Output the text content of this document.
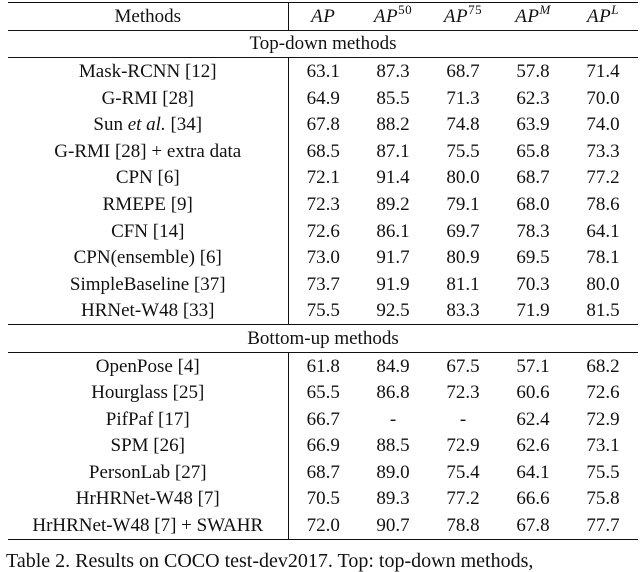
Methods	AP	AP$^{50}$	AP$^{75}$	$AP^M$	$AP^L$
Top-down methods					
Mask-RCNN [12]	63.1	87.3	68.7	57.8	71.4
G-RMI [28]	64.9	85.5	71.3	62.3	70.0
Sun et al. [34]	67.8	88.2	74.8	63.9	74.0
G-RMI [28] + extra data	68.5	87.1	75.5	65.8	73.3
CPN [6]	72.1	91.4	80.0	68.7	77.2
RMEPE [9]	72.3	89.2	79.1	68.0	78.6
CFN [14]	72.6	86.1	69.7	78.3	64.1
CPN(ensemble) [6]	73.0	91.7	80.9	69.5	78.1
SimpleBaseline [37]	73.7	91.9	81.1	70.3	80.0
HRNet-W48 [33]	75.5	92.5	83.3	71.9	81.5
Bottom-up methods					
OpenPose [4]	61.8	84.9	67.5	57.1	68.2
Hourglass [25]	65.5	86.8	72.3	60.6	72.6
PifPaf [17]	66.7	-	-	62.4	72.9
SPM [26]	66.9	88.5	72.9	62.6	73.1
PersonLab [27]	68.7	89.0	75.4	64.1	75.5
HrHRNet-W48 [7]	70.5	89.3	77.2	66.6	75.8
HrHRNet-W48 [7] + SWAHR	72.0	90.7	78.8	67.8	77.7
Table 2. Results on COCO test-dev2017. Top: top-down methods,
